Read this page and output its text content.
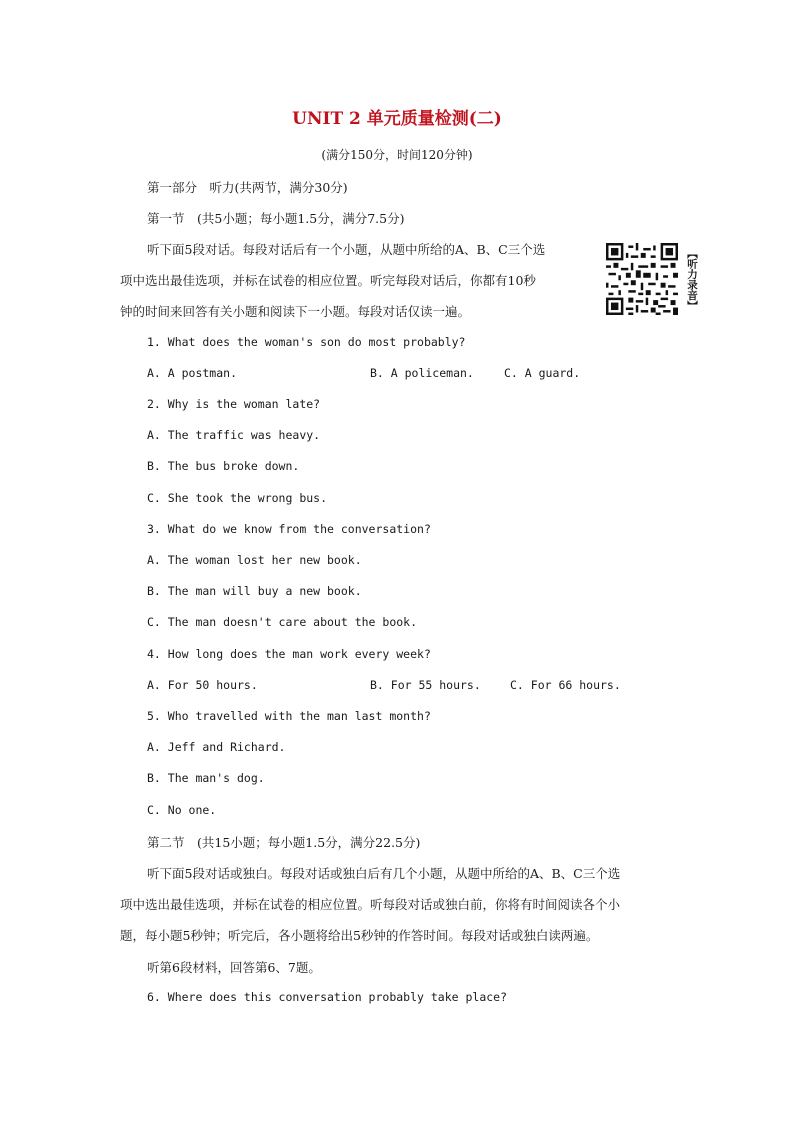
UNIT 2 单元质量检测(二)
(满分150分，时间120分钟)
第一部分　听力(共两节，满分30分)
第一节　(共5小题；每小题1.5分，满分7.5分)
听下面5段对话。每段对话后有一个小题，从题中所给的A、B、C三个选
项中选出最佳选项，并标在试卷的相应位置。听完每段对话后，你都有10秒
钟的时间来回答有关小题和阅读下一小题。每段对话仅读一遍。
【听力录音】
1. What does the woman's son do most probably?
A. A postman.	B. A policeman.	C. A guard.
2. Why is the woman late?
A. The traffic was heavy.
B. The bus broke down.
C. She took the wrong bus.
3. What do we know from the conversation?
A. The woman lost her new book.
B. The man will buy a new book.
C. The man doesn't care about the book.
4. How long does the man work every week?
A. For 50 hours.	B. For 55 hours.	C. For 66 hours.
5. Who travelled with the man last month?
A. Jeff and Richard.
B. The man's dog.
C. No one.
第二节　(共15小题；每小题1.5分，满分22.5分)
听下面5段对话或独白。每段对话或独白后有几个小题，从题中所给的A、B、C三个选
项中选出最佳选项，并标在试卷的相应位置。听每段对话或独白前，你将有时间阅读各个小
题，每小题5秒钟；听完后，各小题将给出5秒钟的作答时间。每段对话或独白读两遍。
听第6段材料，回答第6、7题。
6. Where does this conversation probably take place?
